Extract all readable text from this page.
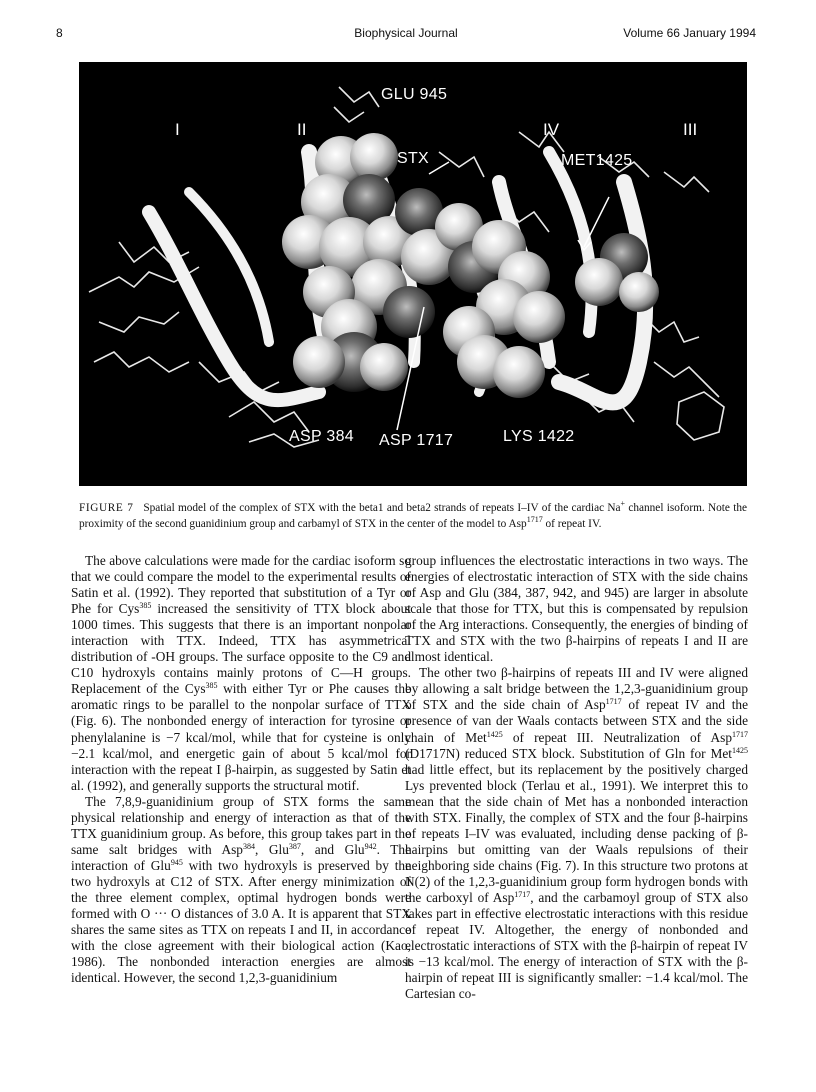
8	Biophysical Journal	Volume 66 January 1994
I	II	III
IV
GLU 945
STX	MET1425
ASP 384 ASP 1717	LYS 1422
FIGURE 7 Spatial model of the complex of STX with the beta1 and beta2 strands of repeats I–IV of the cardiac Na+ channel isoform. Note the proximity of the second guanidinium group and carbamyl of STX in the center of the model to Asp$^{1717}$ of repeat IV.

The above calculations were made for the cardiac isoform so that we could compare the model to the experimental results of Satin et al. (1992). They reported that substitution of a Tyr or Phe for Cys$^{385}$ increased the sensitivity of TTX block about 1000 times. This suggests that there is an important nonpolar interaction with TTX. Indeed, TTX has asymmetrical distribution of -OH groups. The surface opposite to the C9 and C10 hydroxyls contains mainly protons of C—H groups. Replacement of the Cys$^{385}$ with either Tyr or Phe causes the aromatic rings to be parallel to the nonpolar surface of TTX (Fig. 6). The nonbonded energy of interaction for tyrosine or phenylalanine is −7 kcal/mol, while that for cysteine is only −2.1 kcal/mol, and energetic gain of about 5 kcal/mol for interaction with the repeat I β-hairpin, as suggested by Satin et al. (1992), and generally supports the structural motif.

The 7,8,9-guanidinium group of STX forms the same physical relationship and energy of interaction as that of the TTX guanidinium group. As before, this group takes part in the same salt bridges with Asp$^{384}$, Glu$^{387}$, and Glu$^{942}$. The interaction of Glu$^{945}$ with two hydroxyls is preserved by the two hydroxyls at C12 of STX. After energy minimization of the three element complex, optimal hydrogen bonds were formed with O ··· O distances of 3.0 A. It is apparent that STX shares the same sites as TTX on repeats I and II, in accordance with the close agreement with their biological action (Kao, 1986). The nonbonded interaction energies are almost identical. However, the second 1,2,3-guanidinium

group influences the electrostatic interactions in two ways. The energies of electrostatic interaction of STX with the side chains of Asp and Glu (384, 387, 942, and 945) are larger in absolute scale that those for TTX, but this is compensated by repulsion of the Arg interactions. Consequently, the energies of binding of TTX and STX with the two β-hairpins of repeats I and II are almost identical.

The other two β-hairpins of repeats III and IV were aligned by allowing a salt bridge between the 1,2,3-guanidinium group of STX and the side chain of Asp$^{1717}$ of repeat IV and the presence of van der Waals contacts between STX and the side chain of Met$^{1425}$ of repeat III. Neutralization of Asp$^{1717}$ (D1717N) reduced STX block. Substitution of Gln for Met$^{1425}$ had little effect, but its replacement by the positively charged Lys prevented block (Terlau et al., 1991). We interpret this to mean that the side chain of Met has a nonbonded interaction with STX. Finally, the complex of STX and the four β-hairpins of repeats I–IV was evaluated, including dense packing of β-hairpins but omitting van der Waals repulsions of their neighboring side chains (Fig. 7). In this structure two protons at N(2) of the 1,2,3-guanidinium group form hydrogen bonds with the carboxyl of Asp$^{1717}$, and the carbamoyl group of STX also takes part in effective electrostatic interactions with this residue of repeat IV. Altogether, the energy of nonbonded and electrostatic interactions of STX with the β-hairpin of repeat IV is −13 kcal/mol. The energy of interaction of STX with the β-hairpin of repeat III is significantly smaller: −1.4 kcal/mol. The Cartesian co-
